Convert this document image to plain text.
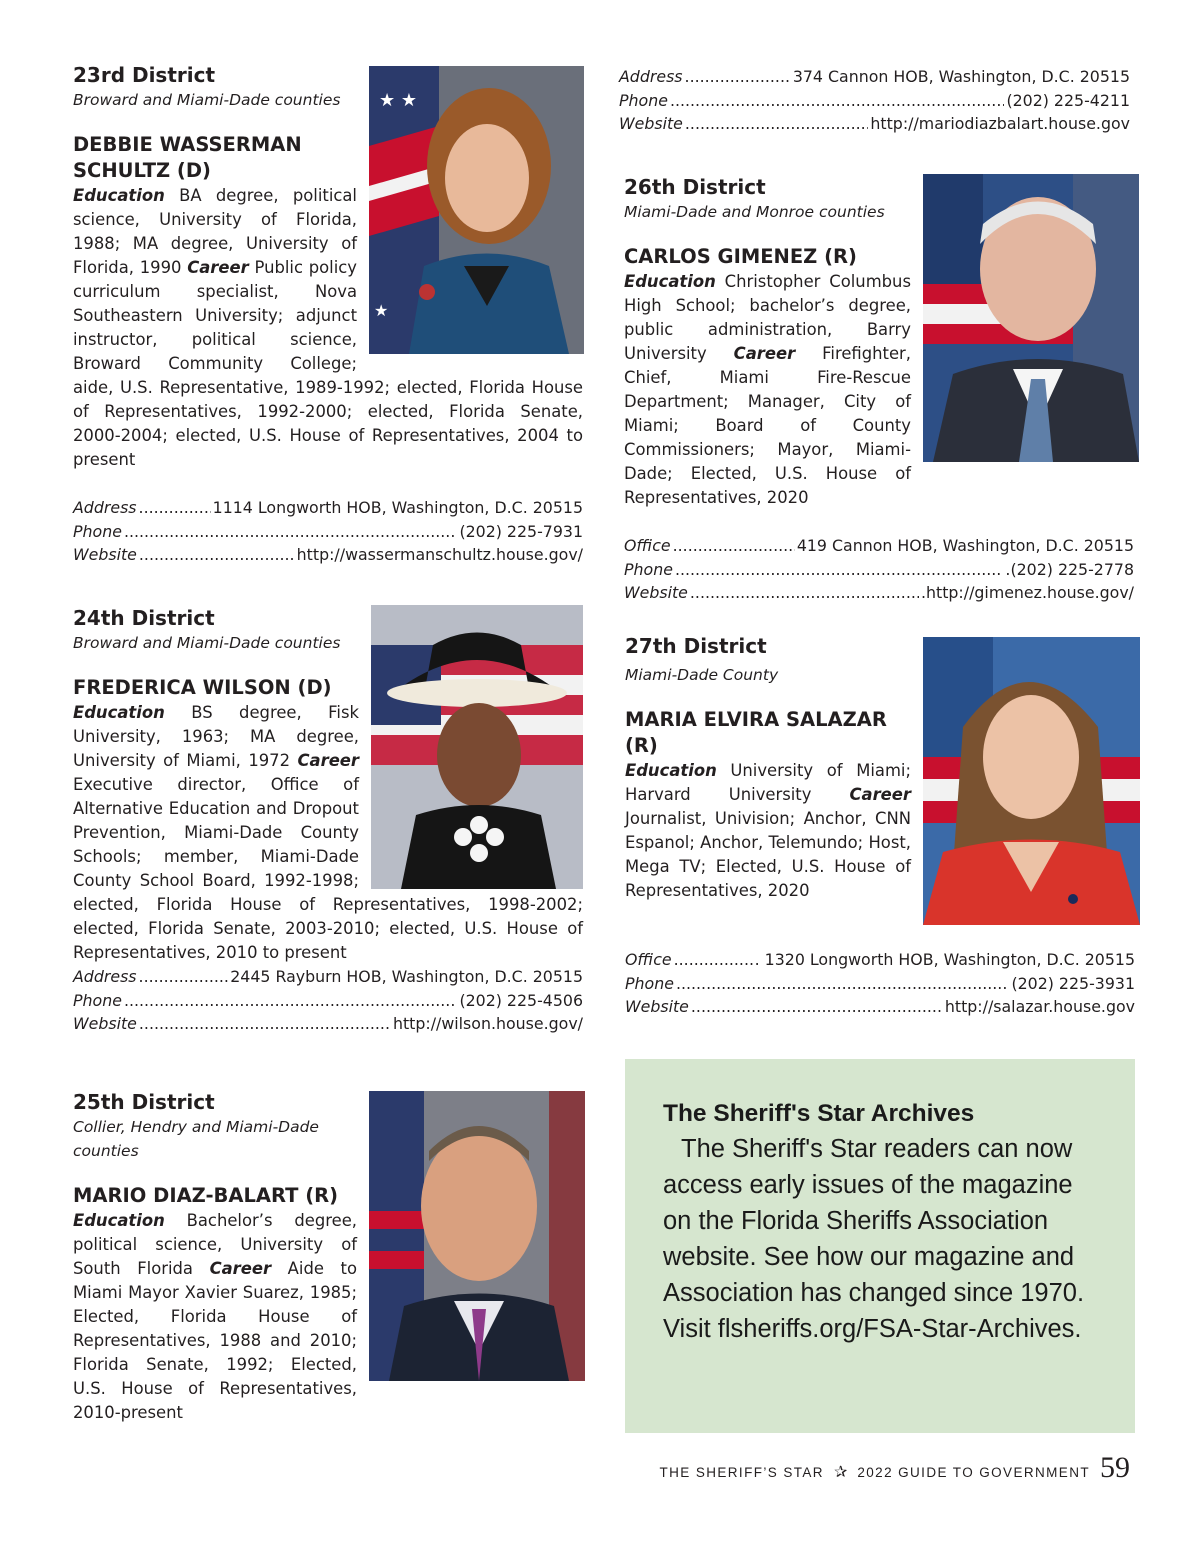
★ ★
★
23rd District
Broward and Miami-Dade counties
DEBBIE WASSERMAN
SCHULTZ (D)
Education BA degree, political science, University of Florida, 1988; MA degree, University of Florida, 1990 Career Public policy curriculum specialist, Nova Southeastern University; adjunct instructor, political science, Broward Community College; aide, U.S. Representative, 1989-1992; elected, Florida House of Representatives, 1992-2000; elected, Florida Senate, 2000-2004; elected, U.S. House of Representatives, 2004 to present
Address .....	1114 Longworth HOB, Washington, D.C. 20515
Phone .....	(202) 225-7931
Website .....	http://wassermanschultz.house.gov/
24th District
Broward and Miami-Dade counties
FREDERICA WILSON (D)
Education BS degree, Fisk University, 1963; MA degree, University of Miami, 1972 Career Executive director, Office of Alternative Education and Dropout Prevention, Miami-Dade County Schools; member, Miami-Dade County School Board, 1992-1998; elected, Florida House of Representatives, 1998-2002; elected, Florida Senate, 2003-2010; elected, U.S. House of Representatives, 2010 to present
Address .....	2445 Rayburn HOB, Washington, D.C. 20515
Phone .....	(202) 225-4506
Website .....	http://wilson.house.gov/
25th District
Collier, Hendry and Miami-Dade
counties
MARIO DIAZ-BALART (R)
Education Bachelor’s degree, political science, University of South Florida Career Aide to Miami Mayor Xavier Suarez, 1985; Elected, Florida House of Representatives, 1988 and 2010; Florida Senate, 1992; Elected, U.S. House of Representatives, 2010-present
Address .....	374 Cannon HOB, Washington, D.C. 20515
Phone .....	(202) 225-4211
Website .....	http://mariodiazbalart.house.gov
26th District
Miami-Dade and Monroe counties
CARLOS GIMENEZ (R)
Education Christopher Columbus High School; bachelor’s degree, public administration, Barry University Career Firefighter, Chief, Miami Fire-Rescue Department; Manager, City of Miami; Board of County Commissioners; Mayor, Miami-Dade; Elected, U.S. House of Representatives, 2020
Office .....	419 Cannon HOB, Washington, D.C. 20515
Phone .....	.(202) 225-2778
Website .....	.http://gimenez.house.gov/
27th District
Miami-Dade County
MARIA ELVIRA SALAZAR (R)
Education University of Miami; Harvard University Career Journalist, Univision; Anchor, CNN Espanol; Anchor, Telemundo; Host, Mega TV; Elected, U.S. House of Representatives, 2020
Office .....	. 1320 Longworth HOB, Washington, D.C. 20515
Phone .....	(202) 225-3931
Website .....	http://salazar.house.gov
The Sheriff's Star Archives
The Sheriff's Star readers can now access early issues of the magazine on the Florida Sheriffs Association website. See how our magazine and Association has changed since 1970. Visit flsheriffs.org/FSA-Star-Archives.
THE SHERIFF’S STAR ✰ 2022 GUIDE TO GOVERNMENT 59
